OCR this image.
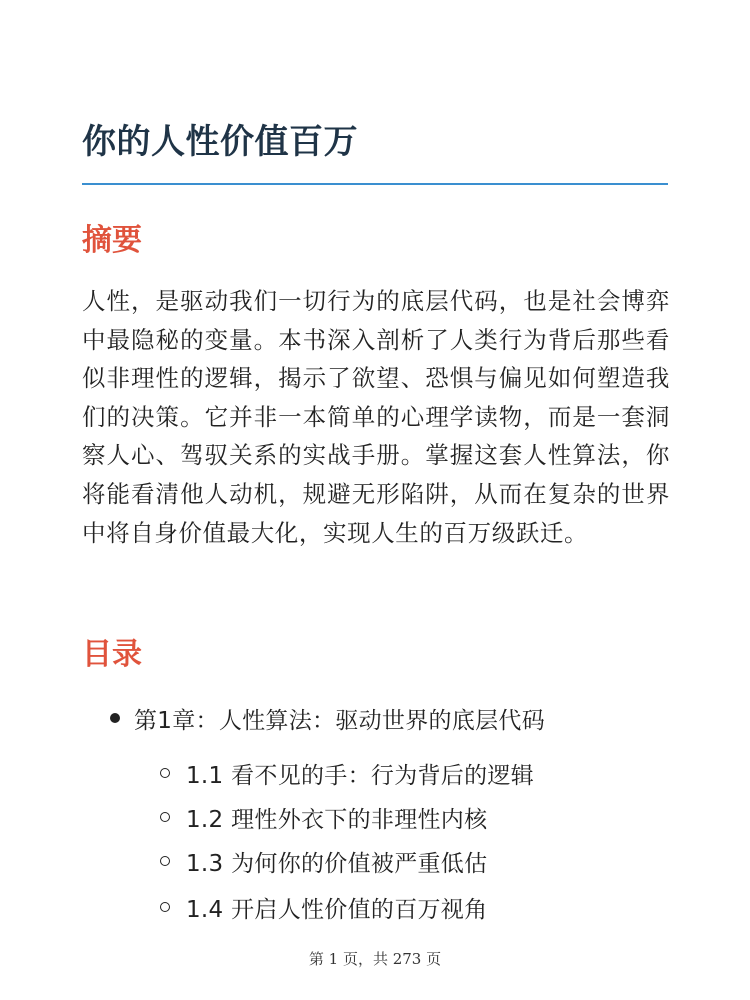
你的人性价值百万
摘要

人性，是驱动我们一切行为的底层代码，也是社会博弈中最隐秘的变量。本书深入剖析了人类行为背后那些看似非理性的逻辑，揭示了欲望、恐惧与偏见如何塑造我们的决策。它并非一本简单的心理学读物，而是一套洞察人心、驾驭关系的实战手册。掌握这套人性算法，你将能看清他人动机，规避无形陷阱，从而在复杂的世界中将自身价值最大化，实现人生的百万级跃迁。

目录
第1章：人性算法：驱动世界的底层代码
1.1 看不见的手：行为背后的逻辑
1.2 理性外衣下的非理性内核
1.3 为何你的价值被严重低估
1.4 开启人性价值的百万视角
第 1 页，共 273 页
